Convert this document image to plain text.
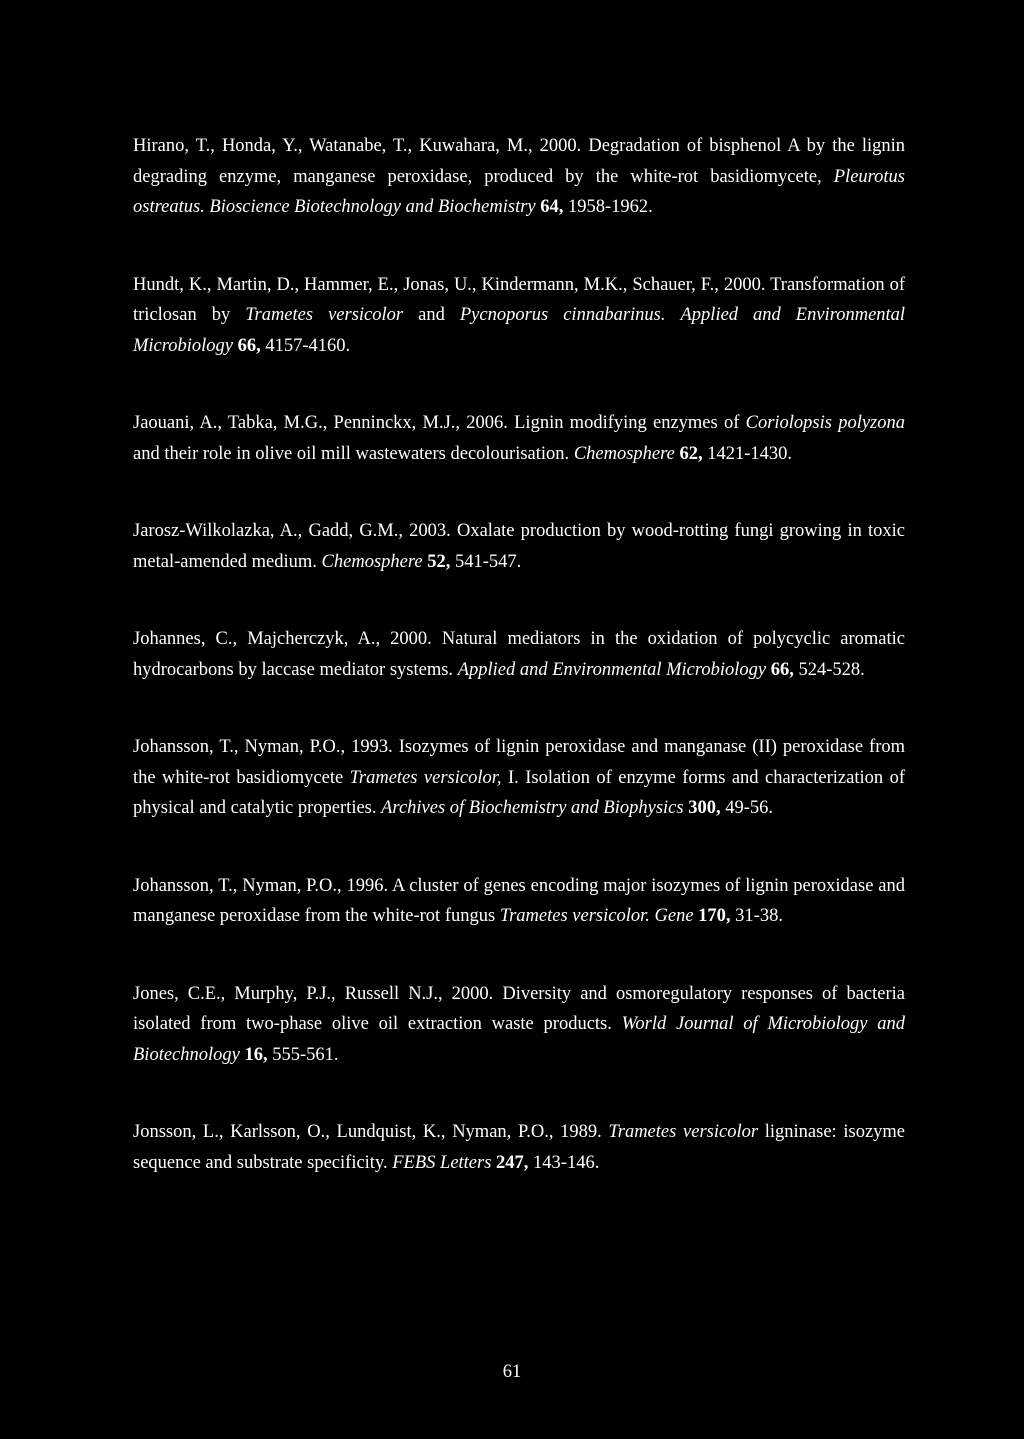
Hirano, T., Honda, Y., Watanabe, T., Kuwahara, M., 2000. Degradation of bisphenol A by the lignin degrading enzyme, manganese peroxidase, produced by the white-rot basidiomycete, Pleurotus ostreatus. Bioscience Biotechnology and Biochemistry 64, 1958-1962.

Hundt, K., Martin, D., Hammer, E., Jonas, U., Kindermann, M.K., Schauer, F., 2000. Transformation of triclosan by Trametes versicolor and Pycnoporus cinnabarinus. Applied and Environmental Microbiology 66, 4157-4160.

Jaouani, A., Tabka, M.G., Penninckx, M.J., 2006. Lignin modifying enzymes of Coriolopsis polyzona and their role in olive oil mill wastewaters decolourisation. Chemosphere 62, 1421-1430.

Jarosz-Wilkolazka, A., Gadd, G.M., 2003. Oxalate production by wood-rotting fungi growing in toxic metal-amended medium. Chemosphere 52, 541-547.

Johannes, C., Majcherczyk, A., 2000. Natural mediators in the oxidation of polycyclic aromatic hydrocarbons by laccase mediator systems. Applied and Environmental Microbiology 66, 524-528.

Johansson, T., Nyman, P.O., 1993. Isozymes of lignin peroxidase and manganase (II) peroxidase from the white-rot basidiomycete Trametes versicolor, I. Isolation of enzyme forms and characterization of physical and catalytic properties. Archives of Biochemistry and Biophysics 300, 49-56.

Johansson, T., Nyman, P.O., 1996. A cluster of genes encoding major isozymes of lignin peroxidase and manganese peroxidase from the white-rot fungus Trametes versicolor. Gene 170, 31-38.

Jones, C.E., Murphy, P.J., Russell N.J., 2000. Diversity and osmoregulatory responses of bacteria isolated from two-phase olive oil extraction waste products. World Journal of Microbiology and Biotechnology 16, 555-561.

Jonsson, L., Karlsson, O., Lundquist, K., Nyman, P.O., 1989. Trametes versicolor ligninase: isozyme sequence and substrate specificity. FEBS Letters 247, 143-146.

61
